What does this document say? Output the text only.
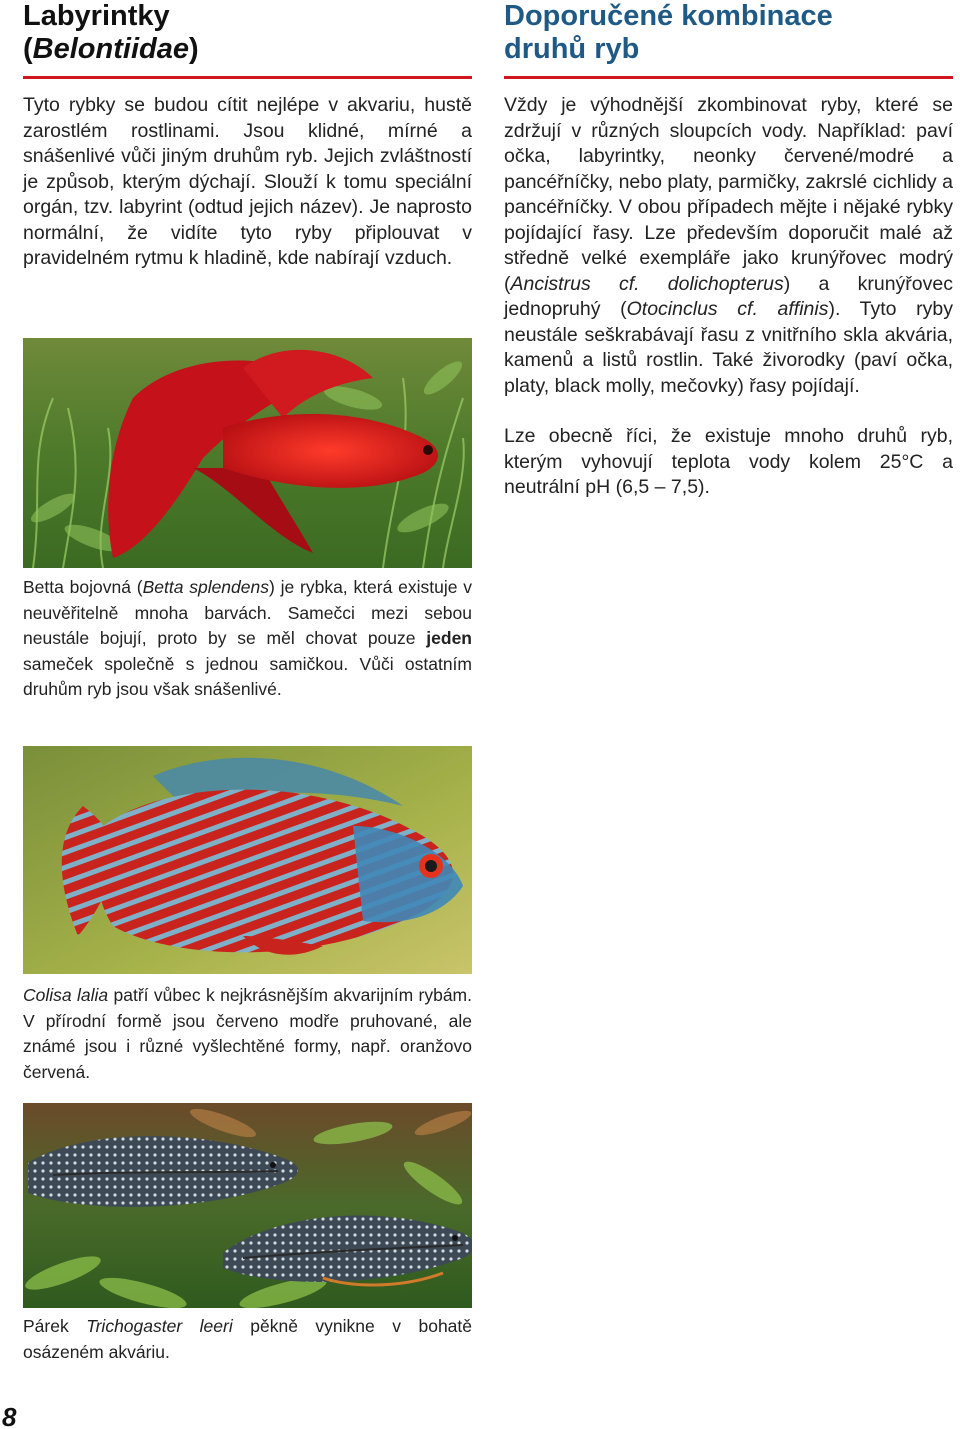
Labyrintky
(Belontiidae)

Tyto rybky se budou cítit nejlépe v akvariu, hustě zarostlém rostlinami. Jsou klidné, mírné a snášenlivé vůči jiným druhům ryb. Jejich zvláštností je způsob, kterým dýchají. Slouží k tomu speciální orgán, tzv. labyrint (odtud jejich název). Je naprosto normální, že vidíte tyto ryby připlouvat v pravidelném rytmu k hladině, kde nabírají vzduch.

Betta bojovná (Betta splendens) je rybka, která existuje v neuvěřitelně mnoha barvách. Samečci mezi sebou neustále bojují, proto by se měl chovat pouze jeden sameček společně s jednou samičkou. Vůči ostatním druhům ryb jsou však snášenlivé.

Colisa lalia patří vůbec k nejkrásnějším akvarijním rybám. V přírodní formě jsou červeno modře pruhované, ale známé jsou i různé vyšlechtěné formy, např. oranžovo červená.

Párek Trichogaster leeri pěkně vynikne v bohatě osázeném akváriu.

Doporučené kombinace
druhů ryb

Vždy je výhodnější zkombinovat ryby, které se zdržují v různých sloupcích vody. Například: paví očka, labyrintky, neonky červené/modré a pancéřníčky, nebo platy, parmičky, zakrslé cichlidy a pancéřníčky. V obou případech mějte i nějaké rybky pojídající řasy. Lze především doporučit malé až středně velké exempláře jako krunýřovec modrý (Ancistrus cf. dolichopterus) a krunýřovec jednopruhý (Otocinclus cf. affinis). Tyto ryby neustále seškrabávají řasu z vnitřního skla akvária, kamenů a listů rostlin. Také živorodky (paví očka, platy, black molly, mečovky) řasy pojídají.

Lze obecně říci, že existuje mnoho druhů ryb, kterým vyhovují teplota vody kolem 25°C a neutrální pH (6,5 – 7,5).

8
